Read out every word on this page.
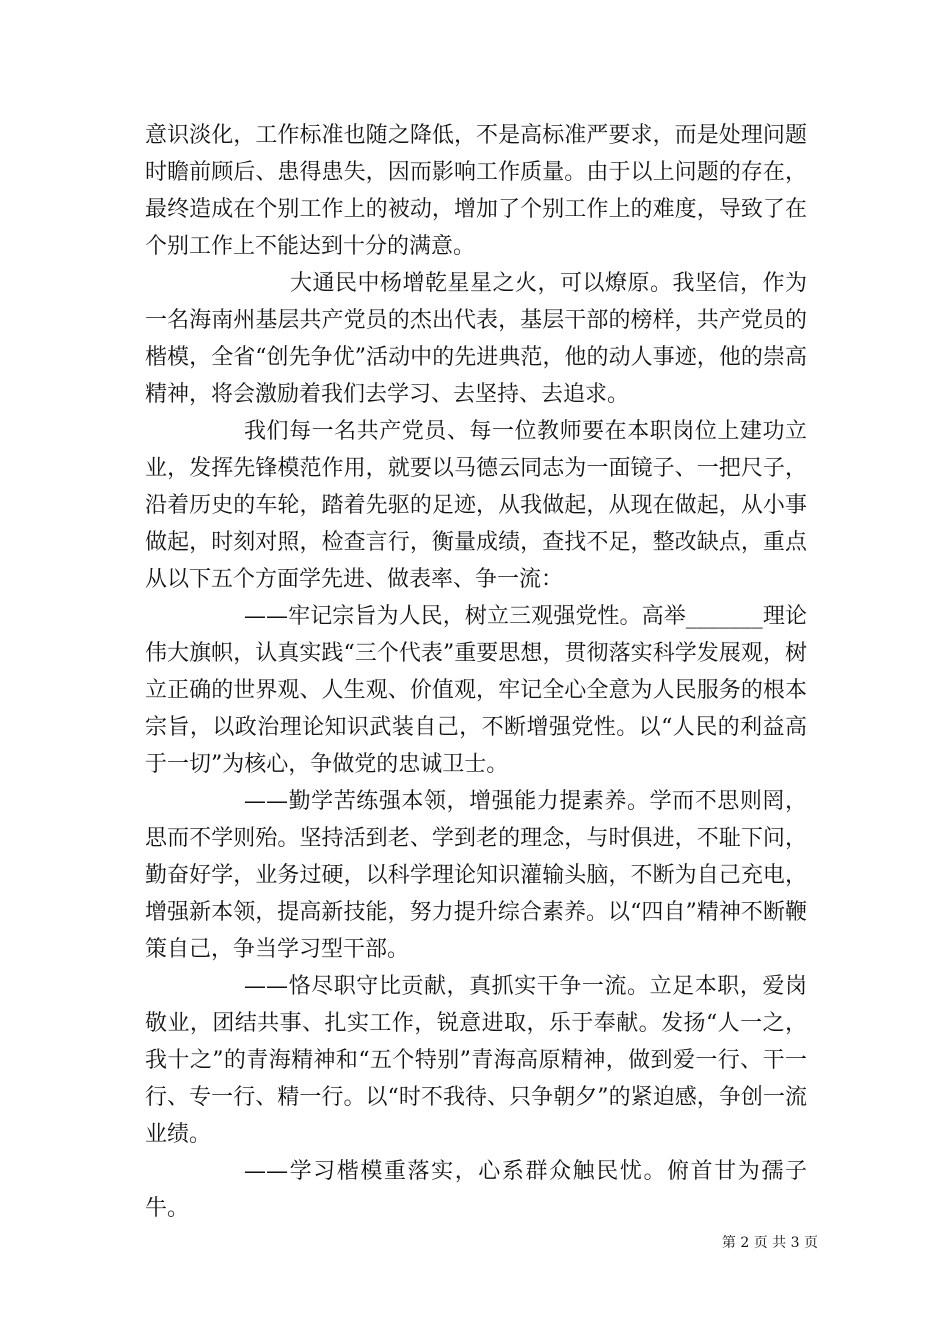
意识淡化，工作标准也随之降低，不是高标准严要求，而是处理问题时瞻前顾后、患得患失，因而影响工作质量。由于以上问题的存在，最终造成在个别工作上的被动，增加了个别工作上的难度，导致了在个别工作上不能达到十分的满意。

大通民中杨增乾星星之火，可以燎原。我坚信，作为一名海南州基层共产党员的杰出代表，基层干部的榜样，共产党员的楷模，全省“创先争优”活动中的先进典范，他的动人事迹，他的崇高精神，将会激励着我们去学习、去坚持、去追求。

我们每一名共产党员、每一位教师要在本职岗位上建功立业，发挥先锋模范作用，就要以马德云同志为一面镜子、一把尺子，沿着历史的车轮，踏着先驱的足迹，从我做起，从现在做起，从小事做起，时刻对照，检查言行，衡量成绩，查找不足，整改缺点，重点从以下五个方面学先进、做表率、争一流：

——牢记宗旨为人民，树立三观强党性。高举_______理论伟大旗帜，认真实践“三个代表”重要思想，贯彻落实科学发展观，树立正确的世界观、人生观、价值观，牢记全心全意为人民服务的根本宗旨，以政治理论知识武装自己，不断增强党性。以“人民的利益高于一切”为核心，争做党的忠诚卫士。

——勤学苦练强本领，增强能力提素养。学而不思则罔，思而不学则殆。坚持活到老、学到老的理念，与时俱进，不耻下问，勤奋好学，业务过硬，以科学理论知识灌输头脑，不断为自己充电，增强新本领，提高新技能，努力提升综合素养。以“四自”精神不断鞭策自己，争当学习型干部。

——恪尽职守比贡献，真抓实干争一流。立足本职，爱岗敬业，团结共事、扎实工作，锐意进取，乐于奉献。发扬“人一之，我十之”的青海精神和“五个特别”青海高原精神，做到爱一行、干一行、专一行、精一行。以“时不我待、只争朝夕”的紧迫感，争创一流业绩。

——学习楷模重落实，心系群众触民忧。俯首甘为孺子牛。

第 2 页 共 3 页
